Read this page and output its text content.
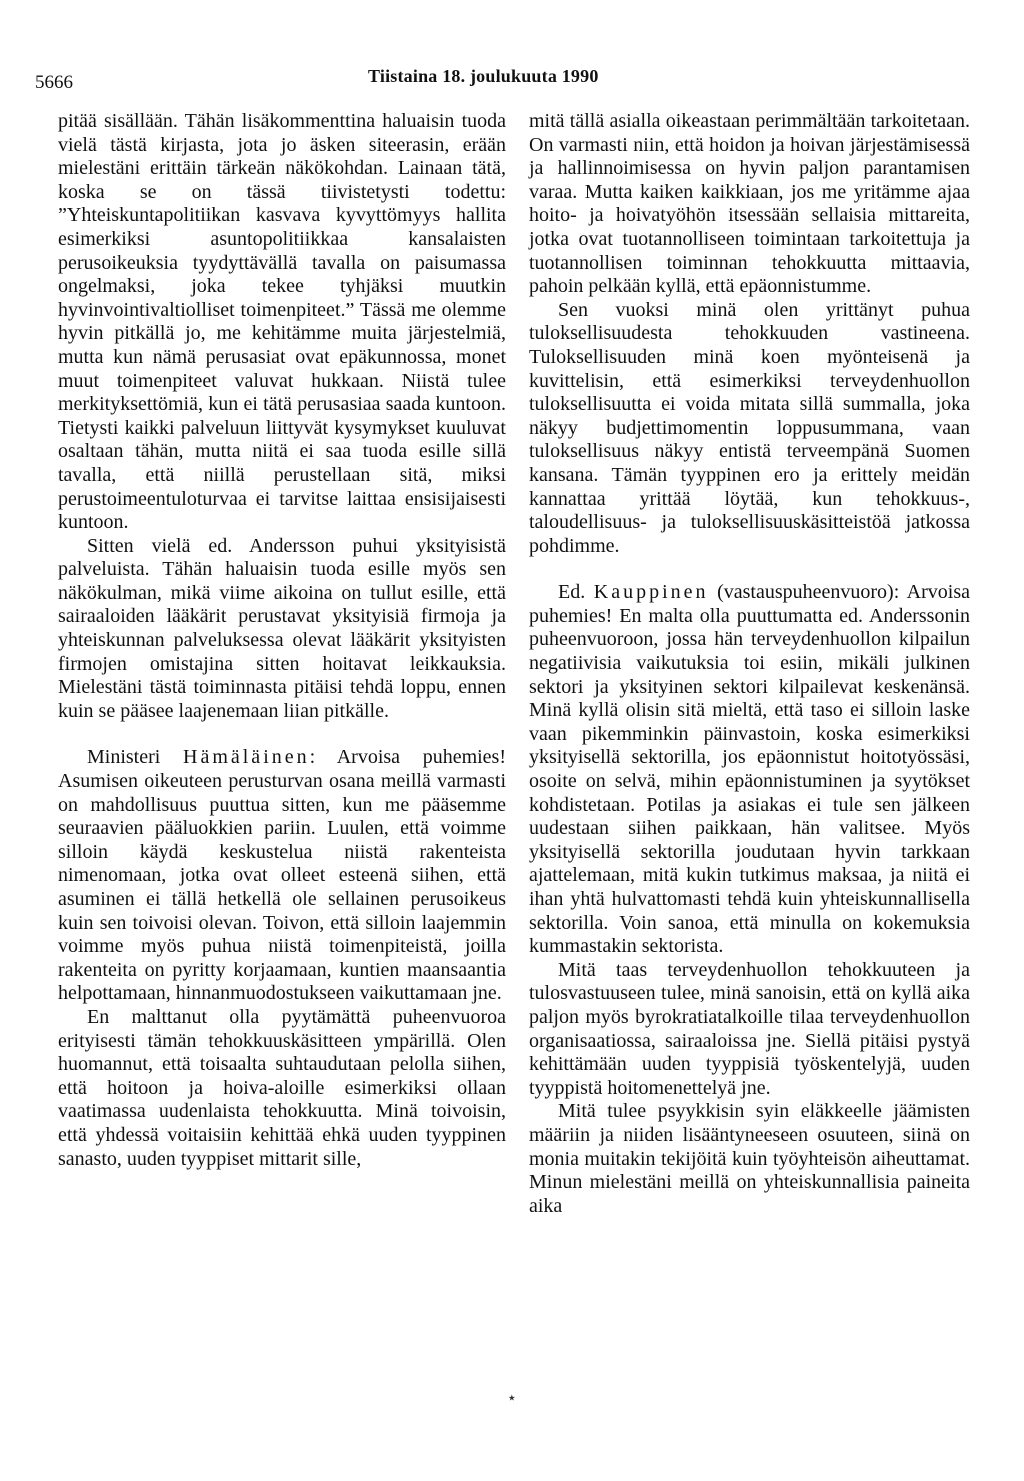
5666	Tiistaina 18. joulukuuta 1990

pitää sisällään. Tähän lisäkommenttina haluaisin tuoda vielä tästä kirjasta, jota jo äsken siteerasin, erään mielestäni erittäin tärkeän näkökohdan. Lainaan tätä, koska se on tässä tiivistetysti todettu: ”Yhteiskuntapolitiikan kasvava kyvyttömyys hallita esimerkiksi asuntopolitiikkaa kansalaisten perusoikeuksia tyydyttävällä tavalla on paisumassa ongelmaksi, joka tekee tyhjäksi muutkin hyvinvointivaltiolliset toimenpiteet.” Tässä me olemme hyvin pitkällä jo, me kehitämme muita järjestelmiä, mutta kun nämä perusasiat ovat epäkunnossa, monet muut toimenpiteet valuvat hukkaan. Niistä tulee merkityksettömiä, kun ei tätä perusasiaa saada kuntoon. Tietysti kaikki palveluun liittyvät kysymykset kuuluvat osaltaan tähän, mutta niitä ei saa tuoda esille sillä tavalla, että niillä perustellaan sitä, miksi perustoimeentuloturvaa ei tarvitse laittaa ensisijaisesti kuntoon.

Sitten vielä ed. Andersson puhui yksityisistä palveluista. Tähän haluaisin tuoda esille myös sen näkökulman, mikä viime aikoina on tullut esille, että sairaaloiden lääkärit perustavat yksityisiä firmoja ja yhteiskunnan palveluksessa olevat lääkärit yksityisten firmojen omistajina sitten hoitavat leikkauksia. Mielestäni tästä toiminnasta pitäisi tehdä loppu, ennen kuin se pääsee laajenemaan liian pitkälle.

Ministeri Hämäläinen: Arvoisa puhemies! Asumisen oikeuteen perusturvan osana meillä varmasti on mahdollisuus puuttua sitten, kun me pääsemme seuraavien pääluokkien pariin. Luulen, että voimme silloin käydä keskustelua niistä rakenteista nimenomaan, jotka ovat olleet esteenä siihen, että asuminen ei tällä hetkellä ole sellainen perusoikeus kuin sen toivoisi olevan. Toivon, että silloin laajemmin voimme myös puhua niistä toimenpiteistä, joilla rakenteita on pyritty korjaamaan, kuntien maansaantia helpottamaan, hinnanmuodostukseen vaikuttamaan jne.

En malttanut olla pyytämättä puheenvuoroa erityisesti tämän tehokkuuskäsitteen ympärillä. Olen huomannut, että toisaalta suhtaudutaan pelolla siihen, että hoitoon ja hoiva-aloille esimerkiksi ollaan vaatimassa uudenlaista tehokkuutta. Minä toivoisin, että yhdessä voitaisiin kehittää ehkä uuden tyyppinen sanasto, uuden tyyppiset mittarit sille,

mitä tällä asialla oikeastaan perimmältään tarkoitetaan. On varmasti niin, että hoidon ja hoivan järjestämisessä ja hallinnoimisessa on hyvin paljon parantamisen varaa. Mutta kaiken kaikkiaan, jos me yritämme ajaa hoito- ja hoivatyöhön itsessään sellaisia mittareita, jotka ovat tuotannolliseen toimintaan tarkoitettuja ja tuotannollisen toiminnan tehokkuutta mittaavia, pahoin pelkään kyllä, että epäonnistumme.

Sen vuoksi minä olen yrittänyt puhua tuloksellisuudesta tehokkuuden vastineena. Tuloksellisuuden minä koen myönteisenä ja kuvittelisin, että esimerkiksi terveydenhuollon tuloksellisuutta ei voida mitata sillä summalla, joka näkyy budjettimomentin loppusummana, vaan tuloksellisuus näkyy entistä terveempänä Suomen kansana. Tämän tyyppinen ero ja erittely meidän kannattaa yrittää löytää, kun tehokkuus-, taloudellisuus- ja tuloksellisuuskäsitteistöä jatkossa pohdimme.

Ed. Kauppinen (vastauspuheenvuoro): Arvoisa puhemies! En malta olla puuttumatta ed. Anderssonin puheenvuoroon, jossa hän terveydenhuollon kilpailun negatiivisia vaikutuksia toi esiin, mikäli julkinen sektori ja yksityinen sektori kilpailevat keskenänsä. Minä kyllä olisin sitä mieltä, että taso ei silloin laske vaan pikemminkin päinvastoin, koska esimerkiksi yksityisellä sektorilla, jos epäonnistut hoitotyössäsi, osoite on selvä, mihin epäonnistuminen ja syytökset kohdistetaan. Potilas ja asiakas ei tule sen jälkeen uudestaan siihen paikkaan, hän valitsee. Myös yksityisellä sektorilla joudutaan hyvin tarkkaan ajattelemaan, mitä kukin tutkimus maksaa, ja niitä ei ihan yhtä hulvattomasti tehdä kuin yhteiskunnallisella sektorilla. Voin sanoa, että minulla on kokemuksia kummastakin sektorista.

Mitä taas terveydenhuollon tehokkuuteen ja tulosvastuuseen tulee, minä sanoisin, että on kyllä aika paljon myös byrokratiatalkoille tilaa terveydenhuollon organisaatiossa, sairaaloissa jne. Siellä pitäisi pystyä kehittämään uuden tyyppisiä työskentelyjä, uuden tyyppistä hoitomenettelyä jne.

Mitä tulee psyykkisin syin eläkkeelle jäämisten määriin ja niiden lisääntyneeseen osuuteen, siinä on monia muitakin tekijöitä kuin työyhteisön aiheuttamat. Minun mielestäni meillä on yhteiskunnallisia paineita aika

٭
